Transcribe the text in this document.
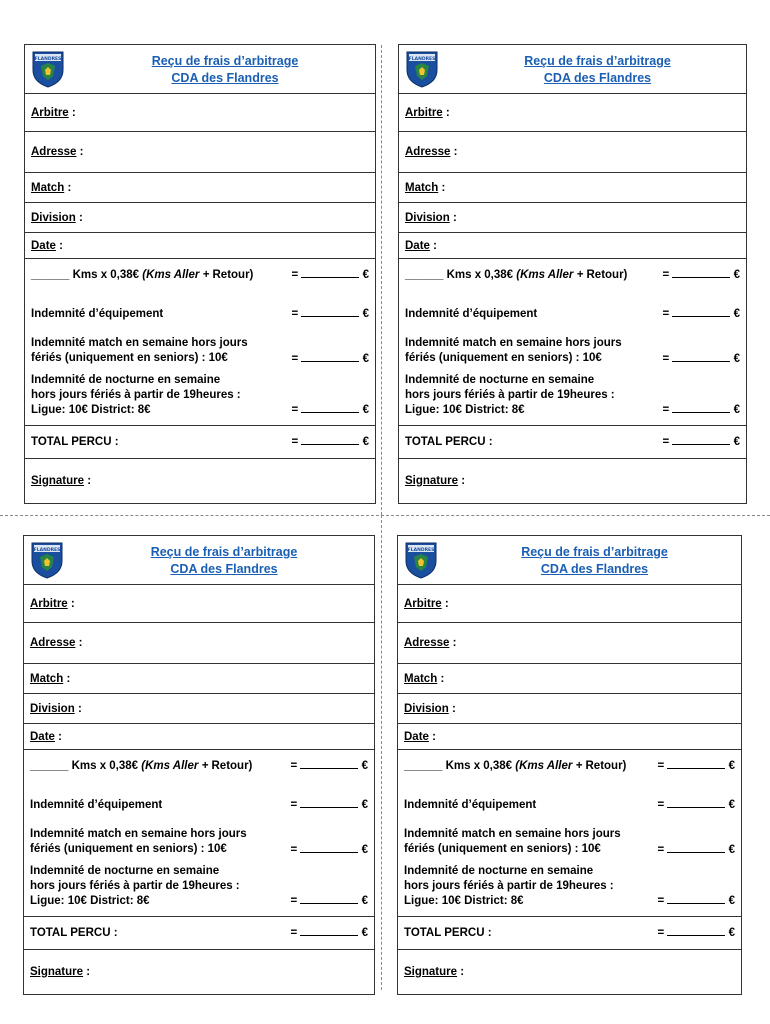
FLANDRES	Reçu de frais d’arbitrage
CDA des Flandres
Arbitre :
Adresse :
Match :
Division :
Date :
______ Kms x 0,38€ (Kms Aller + Retour)	=	€
Indemnité d’équipement	=	€
Indemnité match en semaine hors jours
fériés (uniquement en seniors) : 10€	=	€
Indemnité de nocturne en semaine
hors jours fériés à partir de 19heures :
Ligue: 10€ District: 8€	=	€
TOTAL PERCU :	=	€
Signature :
FLANDRES	Reçu de frais d’arbitrage
CDA des Flandres
Arbitre :
Adresse :
Match :
Division :
Date :
______ Kms x 0,38€ (Kms Aller + Retour)	=	€
Indemnité d’équipement	=	€
Indemnité match en semaine hors jours
fériés (uniquement en seniors) : 10€	=	€
Indemnité de nocturne en semaine
hors jours fériés à partir de 19heures :
Ligue: 10€ District: 8€	=	€
TOTAL PERCU :	=	€
Signature :
FLANDRES	Reçu de frais d’arbitrage
CDA des Flandres
Arbitre :
Adresse :
Match :
Division :
Date :
______ Kms x 0,38€ (Kms Aller + Retour)	=	€
Indemnité d’équipement	=	€
Indemnité match en semaine hors jours
fériés (uniquement en seniors) : 10€	=	€
Indemnité de nocturne en semaine
hors jours fériés à partir de 19heures :
Ligue: 10€ District: 8€	=	€
TOTAL PERCU :	=	€
Signature :
FLANDRES	Reçu de frais d’arbitrage
CDA des Flandres
Arbitre :
Adresse :
Match :
Division :
Date :
______ Kms x 0,38€ (Kms Aller + Retour)	=	€
Indemnité d’équipement	=	€
Indemnité match en semaine hors jours
fériés (uniquement en seniors) : 10€	=	€
Indemnité de nocturne en semaine
hors jours fériés à partir de 19heures :
Ligue: 10€ District: 8€	=	€
TOTAL PERCU :	=	€
Signature :
